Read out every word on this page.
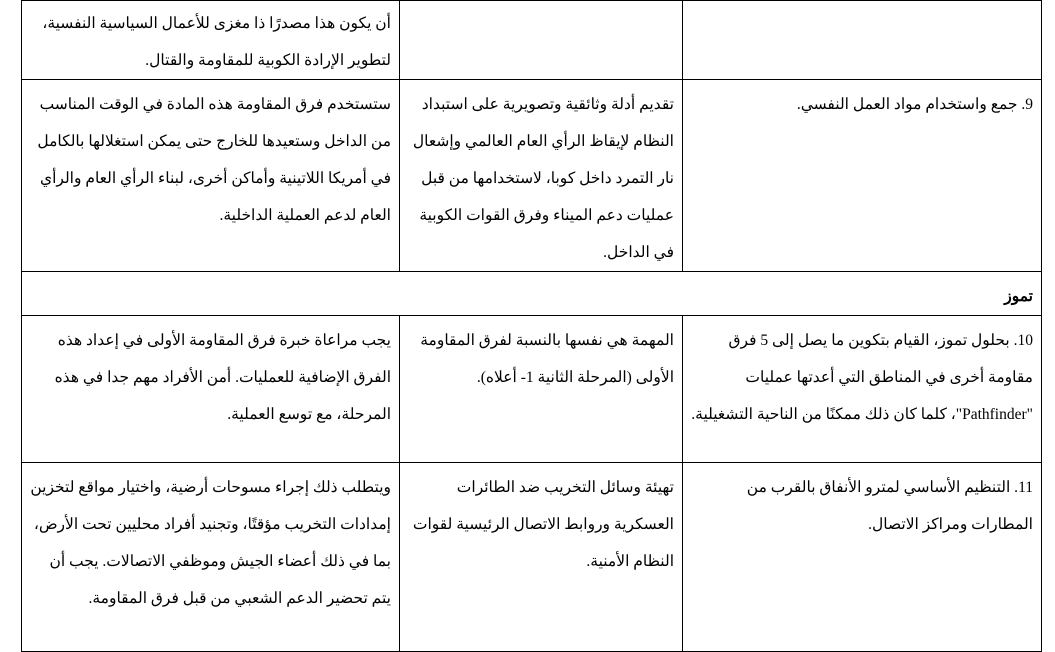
		أن يكون هذا مصدرًا ذا مغزى للأعمال السياسية النفسية، لتطوير الإرادة الكوبية للمقاومة والقتال.

9. جمع واستخدام مواد العمل النفسي.	تقديم أدلة وثائقية وتصويرية على استبداد النظام لإيقاظ الرأي العام العالمي وإشعال نار التمرد داخل كوبا، لاستخدامها من قبل عمليات دعم الميناء وفرق القوات الكوبية في الداخل.	ستستخدم فرق المقاومة هذه المادة في الوقت المناسب من الداخل وستعيدها للخارج حتى يمكن استغلالها بالكامل في أمريكا اللاتينية وأماكن أخرى، لبناء الرأي العام والرأي العام لدعم العملية الداخلية.
تموز		
10. بحلول تموز، القيام بتكوين ما يصل إلى 5 فرق مقاومة أخرى في المناطق التي أعدتها عمليات "Pathfinder"، كلما كان ذلك ممكنًا من الناحية التشغيلية.	المهمة هي نفسها بالنسبة لفرق المقاومة الأولى (المرحلة الثانية 1- أعلاه).	يجب مراعاة خبرة فرق المقاومة الأولى في إعداد هذه الفرق الإضافية للعمليات. أمن الأفراد مهم جدا في هذه المرحلة، مع توسع العملية.
11. التنظيم الأساسي لمترو الأنفاق بالقرب من المطارات ومراكز الاتصال.	تهيئة وسائل التخريب ضد الطائرات العسكرية وروابط الاتصال الرئيسية لقوات النظام الأمنية.	ويتطلب ذلك إجراء مسوحات أرضية، واختيار مواقع لتخزين إمدادات التخريب مؤقتًا، وتجنيد أفراد محليين تحت الأرض، بما في ذلك أعضاء الجيش وموظفي الاتصالات. يجب أن يتم تحضير الدعم الشعبي من قبل فرق المقاومة.
